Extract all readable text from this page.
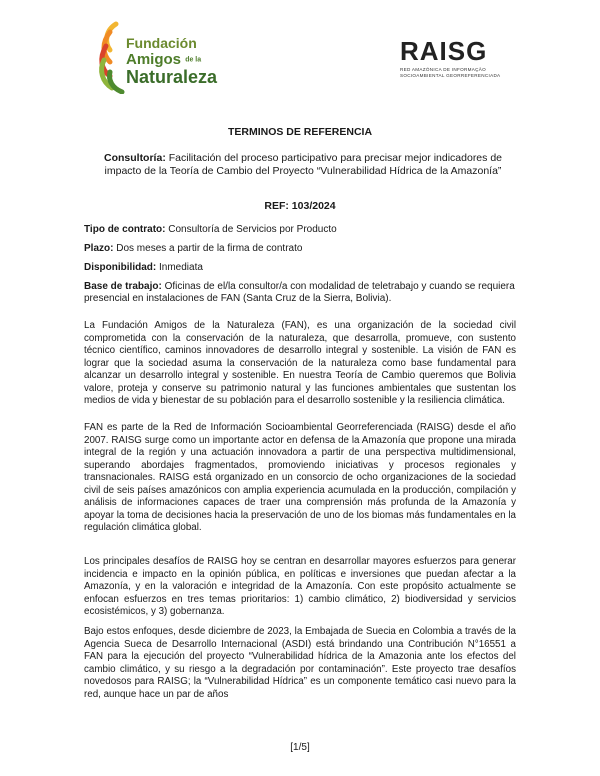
Fundación
Amigos de la
Naturaleza
RAISG
RED AMAZÓNICA DE INFORMAÇÃO
SOCIOAMBIENTAL GEORREFERENCIADA
TERMINOS DE REFERENCIA
Consultoría: Facilitación del proceso participativo para precisar mejor indicadores de impacto de la Teoría de Cambio del Proyecto “Vulnerabilidad Hídrica de la Amazonía”
REF: 103/2024
Tipo de contrato: Consultoría de Servicios por Producto
Plazo: Dos meses a partir de la firma de contrato
Disponibilidad: Inmediata
Base de trabajo: Oficinas de el/la consultor/a con modalidad de teletrabajo y cuando se requiera presencial en instalaciones de FAN (Santa Cruz de la Sierra, Bolivia).
La Fundación Amigos de la Naturaleza (FAN), es una organización de la sociedad civil comprometida con la conservación de la naturaleza, que desarrolla, promueve, con sustento técnico científico, caminos innovadores de desarrollo integral y sostenible. La visión de FAN es lograr que la sociedad asuma la conservación de la naturaleza como base fundamental para alcanzar un desarrollo integral y sostenible. En nuestra Teoría de Cambio queremos que Bolivia valore, proteja y conserve su patrimonio natural y las funciones ambientales que sustentan los medios de vida y bienestar de su población para el desarrollo sostenible y la resiliencia climática.
FAN es parte de la Red de Información Socioambiental Georreferenciada (RAISG) desde el año 2007. RAISG surge como un importante actor en defensa de la Amazonía que propone una mirada integral de la región y una actuación innovadora a partir de una perspectiva multidimensional, superando abordajes fragmentados, promoviendo iniciativas y procesos regionales y transnacionales. RAISG está organizado en un consorcio de ocho organizaciones de la sociedad civil de seis países amazónicos con amplia experiencia acumulada en la producción, compilación y análisis de informaciones capaces de traer una comprensión más profunda de la Amazonía y apoyar la toma de decisiones hacia la preservación de uno de los biomas más fundamentales en la regulación climática global.
Los principales desafíos de RAISG hoy se centran en desarrollar mayores esfuerzos para generar incidencia e impacto en la opinión pública, en políticas e inversiones que puedan afectar a la Amazonía, y en la valoración e integridad de la Amazonía. Con este propósito actualmente se enfocan esfuerzos en tres temas prioritarios: 1) cambio climático, 2) biodiversidad y servicios ecosistémicos, y 3) gobernanza.
Bajo estos enfoques, desde diciembre de 2023, la Embajada de Suecia en Colombia a través de la Agencia Sueca de Desarrollo Internacional (ASDI) está brindando una Contribución N°16551 a FAN para la ejecución del proyecto “Vulnerabilidad hídrica de la Amazonia ante los efectos del cambio climático, y su riesgo a la degradación por contaminación”. Este proyecto trae desafíos novedosos para RAISG; la “Vulnerabilidad Hídrica” es un componente temático casi nuevo para la red, aunque hace un par de años
[1/5]
